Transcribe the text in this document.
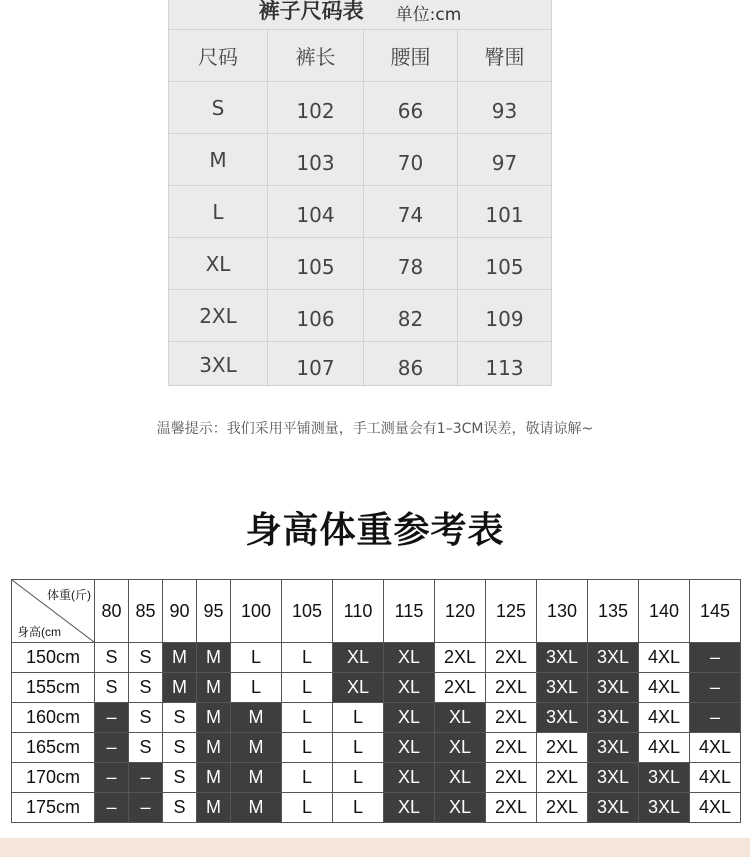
裤子尺码表 单位:cm
尺码	裤长	腰围	臀围
S	102	66	93
M	103	70	97
L	104	74	101
XL	105	78	105
2XL	106	82	109
3XL	107	86	113
温馨提示：我们采用平铺测量，手工测量会有1–3CM误差，敬请谅解~
身高体重参考表
体重(斤)
身高(cm	80	85	90	95	100	105	110	115	120	125	130	135	140	145
150cm	S	S	M	M	L	L	XL	XL	2XL	2XL	3XL	3XL	4XL	–
155cm	S	S	M	M	L	L	XL	XL	2XL	2XL	3XL	3XL	4XL	–
160cm	–	S	S	M	M	L	L	XL	XL	2XL	3XL	3XL	4XL	–
165cm	–	S	S	M	M	L	L	XL	XL	2XL	2XL	3XL	4XL	4XL
170cm	–	–	S	M	M	L	L	XL	XL	2XL	2XL	3XL	3XL	4XL
175cm	–	–	S	M	M	L	L	XL	XL	2XL	2XL	3XL	3XL	4XL
